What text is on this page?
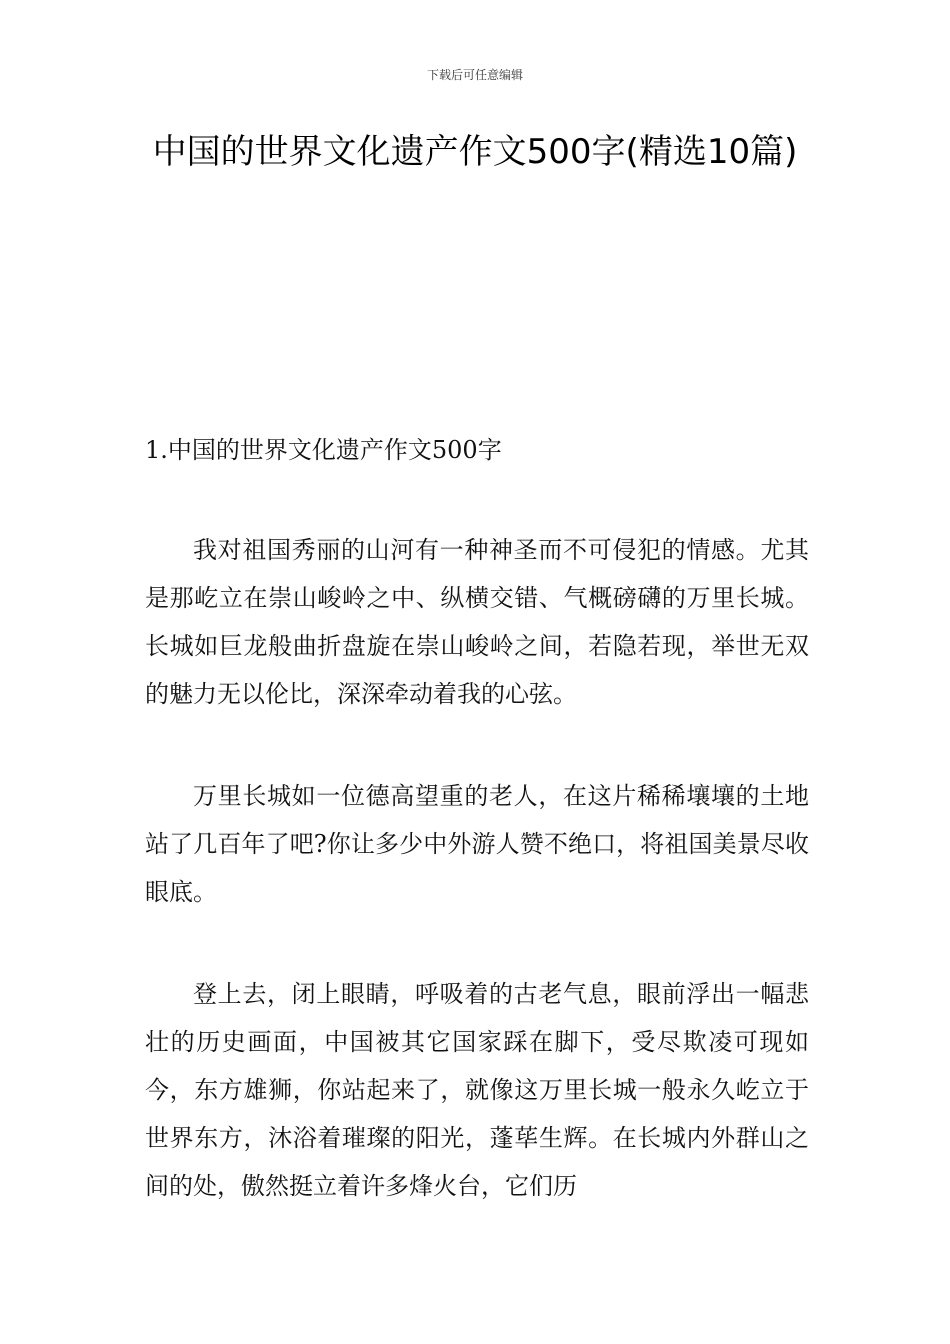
下载后可任意编辑
中国的世界文化遗产作文500字(精选10篇)
1.中国的世界文化遗产作文500字

我对祖国秀丽的山河有一种神圣而不可侵犯的情感。尤其是那屹立在崇山峻岭之中、纵横交错、气概磅礴的万里长城。长城如巨龙般曲折盘旋在崇山峻岭之间，若隐若现，举世无双的魅力无以伦比，深深牵动着我的心弦。

万里长城如一位德高望重的老人，在这片稀稀壤壤的土地站了几百年了吧?你让多少中外游人赞不绝口，将祖国美景尽收眼底。

登上去，闭上眼睛，呼吸着的古老气息，眼前浮出一幅悲壮的历史画面，中国被其它国家踩在脚下，受尽欺凌可现如今，东方雄狮，你站起来了，就像这万里长城一般永久屹立于世界东方，沐浴着璀璨的阳光，蓬荜生辉。在长城内外群山之间的处，傲然挺立着许多烽火台，它们历
